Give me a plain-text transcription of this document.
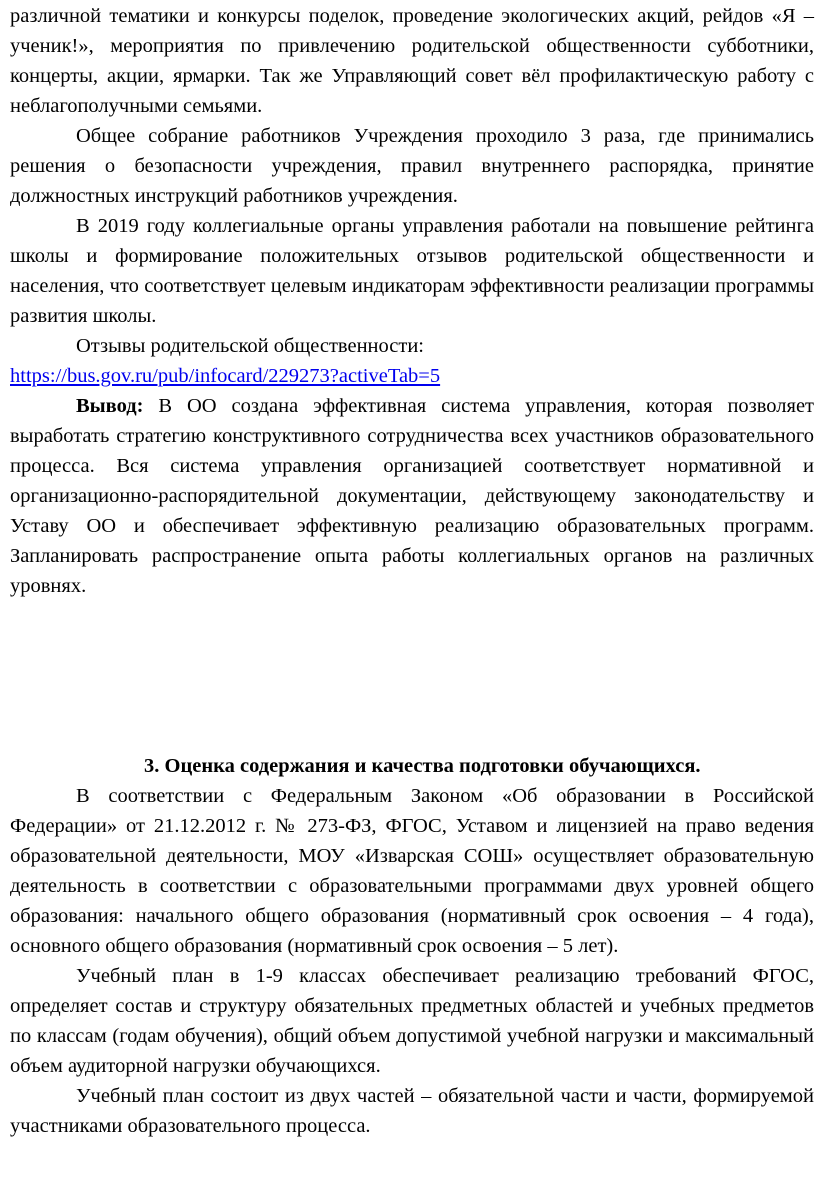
различной тематики и конкурсы поделок, проведение экологических акций, рейдов «Я – ученик!», мероприятия по привлечению родительской общественности субботники, концерты, акции, ярмарки. Так же Управляющий совет вёл профилактическую работу с неблагополучными семьями.

Общее собрание работников Учреждения проходило 3 раза, где принимались решения о безопасности учреждения, правил внутреннего распорядка, принятие должностных инструкций работников учреждения.

В 2019 году коллегиальные органы управления работали на повышение рейтинга школы и формирование положительных отзывов родительской общественности и населения, что соответствует целевым индикаторам эффективности реализации программы развития школы.

Отзывы родительской общественности:

https://bus.gov.ru/pub/infocard/229273?activeTab=5

Вывод: В ОО создана эффективная система управления, которая позволяет выработать стратегию конструктивного сотрудничества всех участников образовательного процесса. Вся система управления организацией соответствует нормативной и организационно-распорядительной документации, действующему законодательству и Уставу ОО и обеспечивает эффективную реализацию образовательных программ. Запланировать распространение опыта работы коллегиальных органов на различных уровнях.

3. Оценка содержания и качества подготовки обучающихся.

В соответствии с Федеральным Законом «Об образовании в Российской Федерации» от 21.12.2012 г. № 273-ФЗ, ФГОС, Уставом и лицензией на право ведения образовательной деятельности, МОУ «Изварская СОШ» осуществляет образовательную деятельность в соответствии с образовательными программами двух уровней общего образования: начального общего образования (нормативный срок освоения – 4 года), основного общего образования (нормативный срок освоения – 5 лет).

Учебный план в 1-9 классах обеспечивает реализацию требований ФГОС, определяет состав и структуру обязательных предметных областей и учебных предметов по классам (годам обучения), общий объем допустимой учебной нагрузки и максимальный объем аудиторной нагрузки обучающихся.

Учебный план состоит из двух частей – обязательной части и части, формируемой участниками образовательного процесса.
